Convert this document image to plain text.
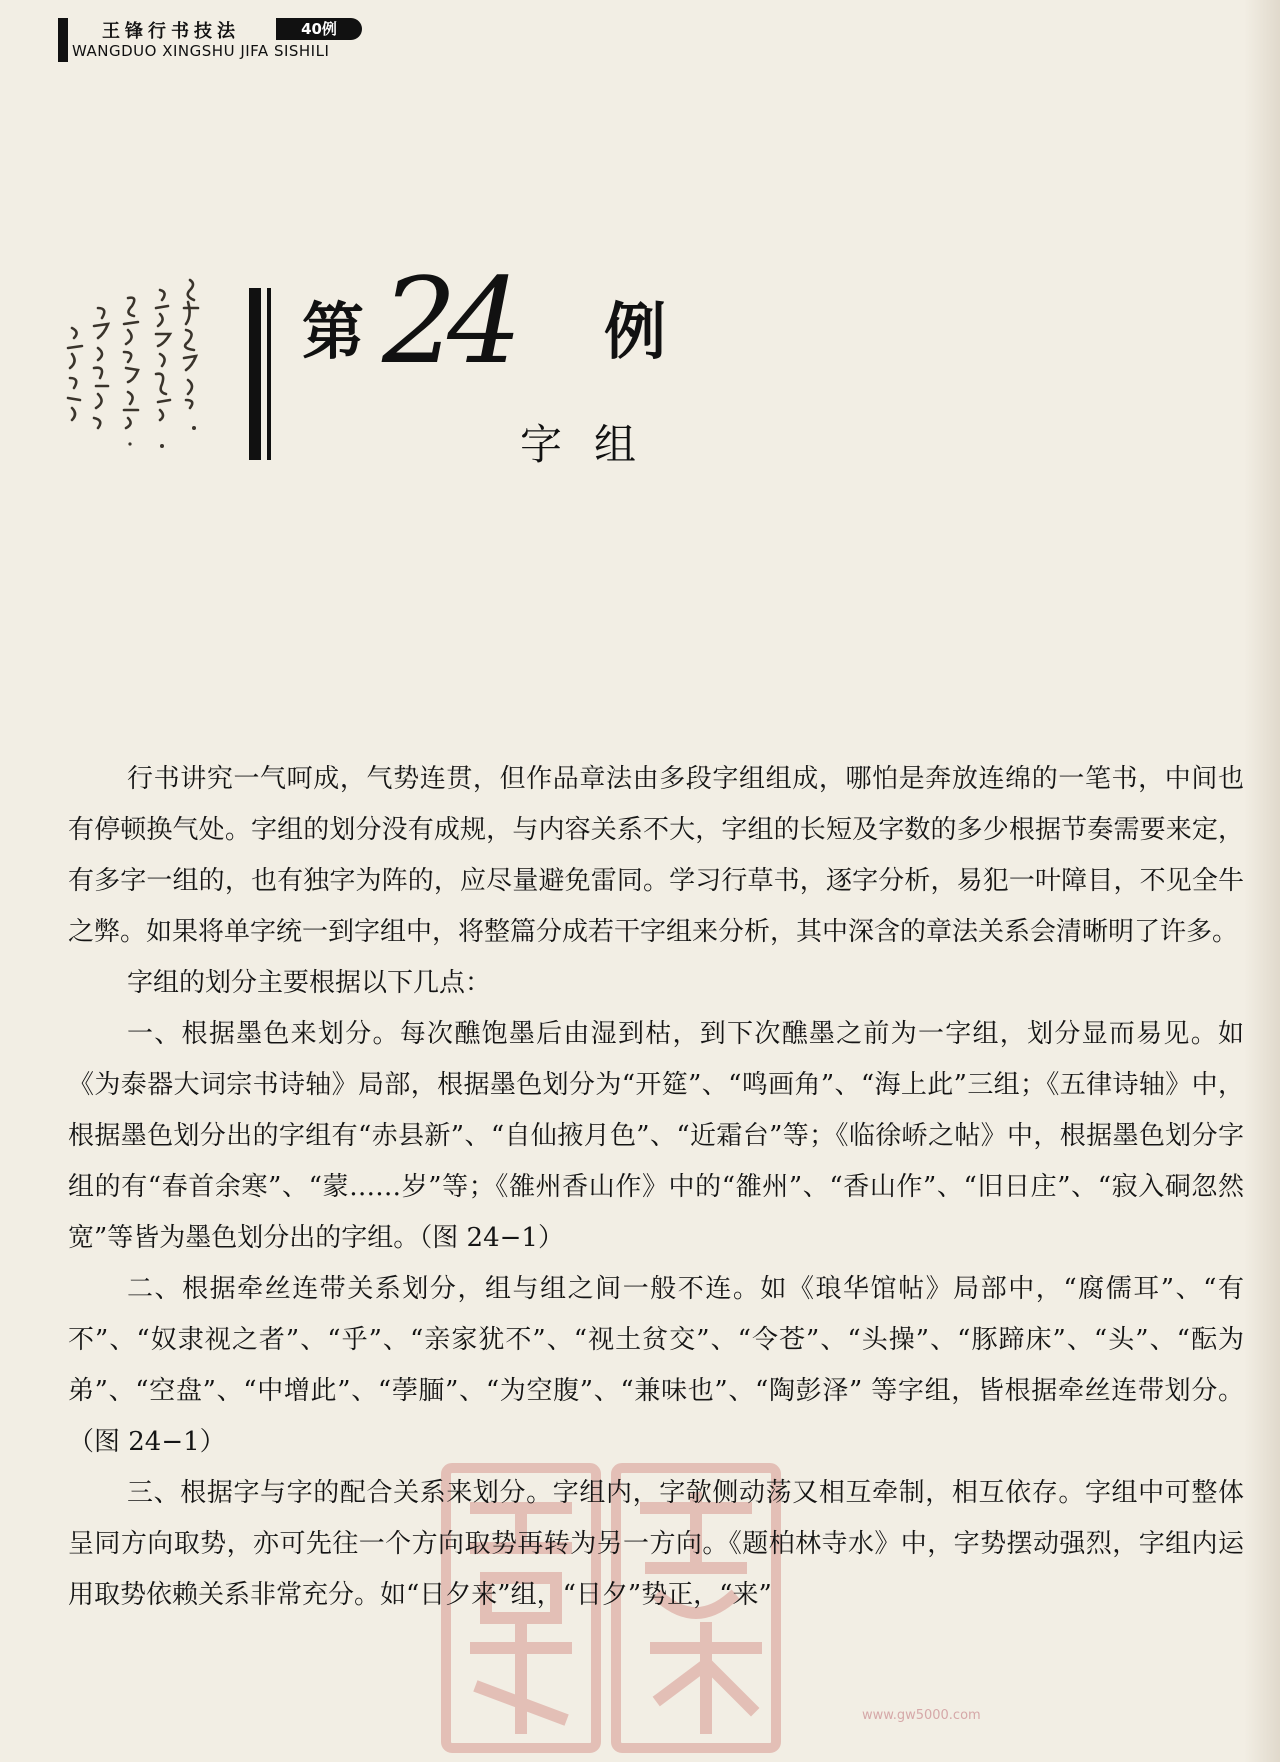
王锋行书技法	40例
WANGDUO XINGSHU JIFA SISHILI
第 24 例
字组
www.gw5000.com

行书讲究一气呵成，气势连贯，但作品章法由多段字组组成，哪怕是奔放连绵的一笔书，中间也有停顿换气处。字组的划分没有成规，与内容关系不大，字组的长短及字数的多少根据节奏需要来定，有多字一组的，也有独字为阵的，应尽量避免雷同。学习行草书，逐字分析，易犯一叶障目，不见全牛之弊。如果将单字统一到字组中，将整篇分成若干字组来分析，其中深含的章法关系会清晰明了许多。

字组的划分主要根据以下几点：

一、根据墨色来划分。每次醮饱墨后由湿到枯，到下次醮墨之前为一字组，划分显而易见。如《为泰器大词宗书诗轴》局部，根据墨色划分为“开筵”、“鸣画角”、“海上此”三组；《五律诗轴》中，根据墨色划分出的字组有“赤县新”、“自仙掖月色”、“近霜台”等；《临徐峤之帖》中，根据墨色划分字组的有“春首余寒”、“蒙……岁”等；《雒州香山作》中的“雒州”、“香山作”、“旧日庄”、“寂入硐忽然宽”等皆为墨色划分出的字组。（图 24−1）

二、根据牵丝连带关系划分，组与组之间一般不连。如《琅华馆帖》局部中，“腐儒耳”、“有不”、“奴隶视之者”、“乎”、“亲家犹不”、“视土贫交”、“令苍”、“头操”、“豚蹄床”、“头”、“酝为弟”、“空盘”、“中增此”、“荸腼”、“为空腹”、“兼味也”、“陶彭泽” 等字组，皆根据牵丝连带划分。（图 24−1）

三、根据字与字的配合关系来划分。字组内，字欹侧动荡又相互牵制，相互依存。字组中可整体呈同方向取势，亦可先往一个方向取势再转为另一方向。《题柏林寺水》中，字势摆动强烈，字组内运用取势依赖关系非常充分。如“日夕来”组，“日夕”势正，“来”
